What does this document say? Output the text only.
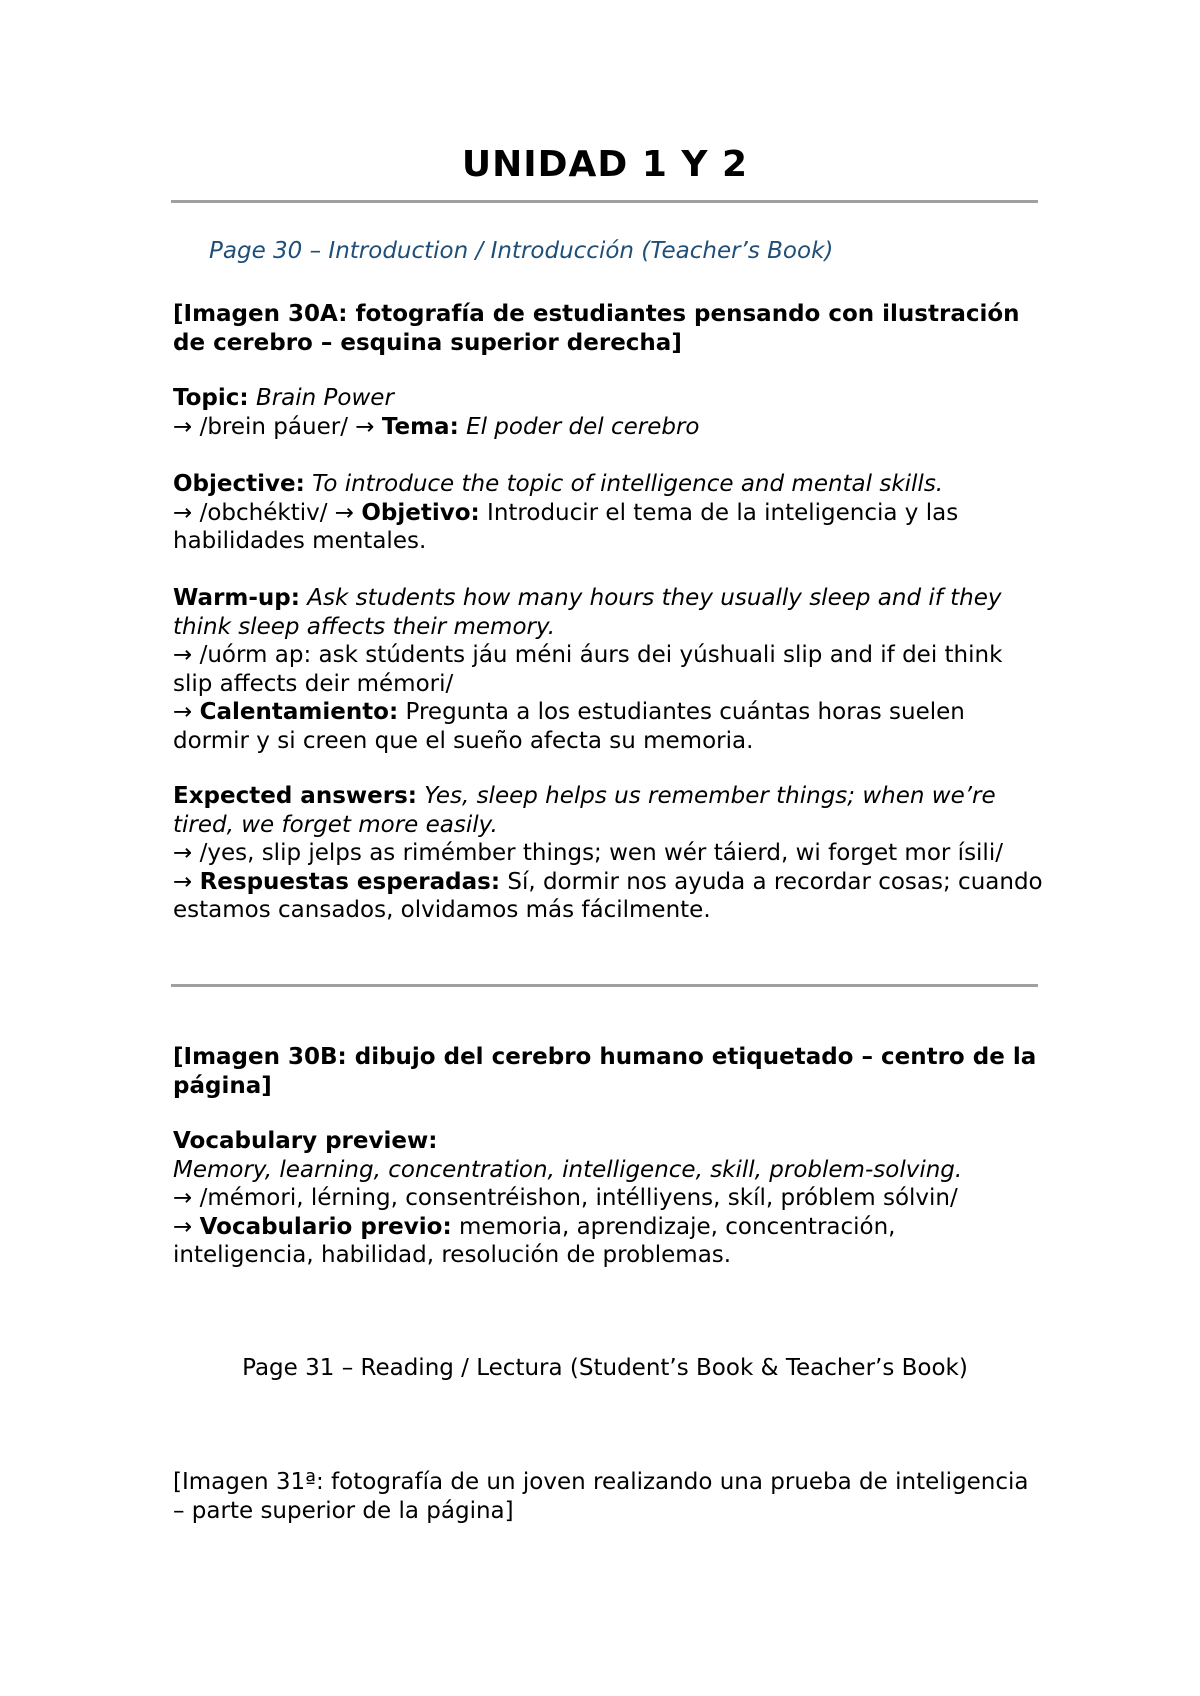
UNIDAD 1 Y 2
Page 30 – Introduction / Introducción (Teacher’s Book)
[Imagen 30A: fotografía de estudiantes pensando con ilustración de cerebro – esquina superior derecha]

Topic: Brain Power

→ /brein páuer/ → Tema: El poder del cerebro

Objective: To introduce the topic of intelligence and mental skills.

→ /obchéktiv/ → Objetivo: Introducir el tema de la inteligencia y las habilidades mentales.

Warm-up: Ask students how many hours they usually sleep and if they think sleep affects their memory.

→ /uórm ap: ask stúdents jáu méni áurs dei yúshuali slip and if dei think slip affects deir mémori/

→ Calentamiento: Pregunta a los estudiantes cuántas horas suelen dormir y si creen que el sueño afecta su memoria.

Expected answers: Yes, sleep helps us remember things; when we’re tired, we forget more easily.

→ /yes, slip jelps as rimémber things; wen wér táierd, wi forget mor ísili/

→ Respuestas esperadas: Sí, dormir nos ayuda a recordar cosas; cuando estamos cansados, olvidamos más fácilmente.

[Imagen 30B: dibujo del cerebro humano etiquetado – centro de la página]

Vocabulary preview:

Memory, learning, concentration, intelligence, skill, problem-solving.

→ /mémori, lérning, consentréishon, intélliyens, skíl, próblem sólvin/

→ Vocabulario previo: memoria, aprendizaje, concentración, inteligencia, habilidad, resolución de problemas.

Page 31 – Reading / Lectura (Student’s Book & Teacher’s Book)
[Imagen 31ª: fotografía de un joven realizando una prueba de inteligencia – parte superior de la página]
